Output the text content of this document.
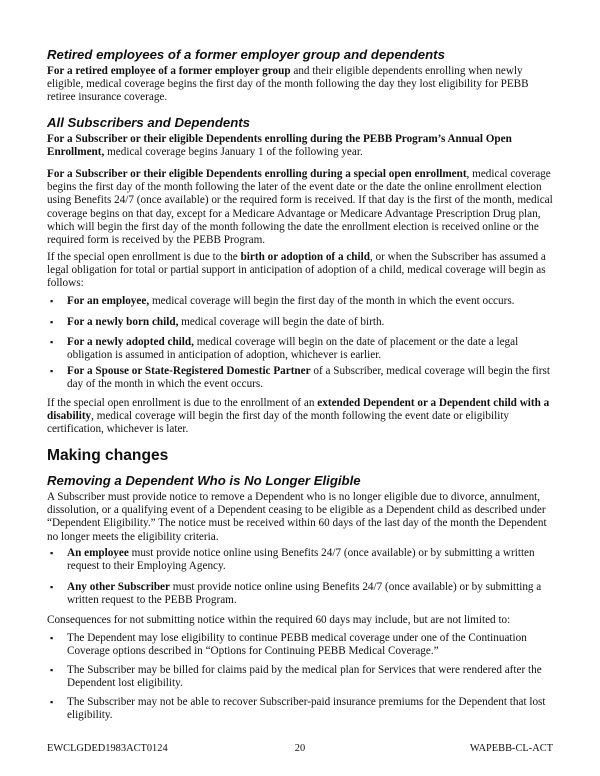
Retired employees of a former employer group and dependents

For a retired employee of a former employer group and their eligible dependents enrolling when newly eligible, medical coverage begins the first day of the month following the day they lost eligibility for PEBB retiree insurance coverage.

All Subscribers and Dependents

For a Subscriber or their eligible Dependents enrolling during the PEBB Program’s Annual Open Enrollment, medical coverage begins January 1 of the following year.

For a Subscriber or their eligible Dependents enrolling during a special open enrollment, medical coverage begins the first day of the month following the later of the event date or the date the online enrollment election using Benefits 24/7 (once available) or the required form is received. If that day is the first of the month, medical coverage begins on that day, except for a Medicare Advantage or Medicare Advantage Prescription Drug plan, which will begin the first day of the month following the date the enrollment election is received online or the required form is received by the PEBB Program.

If the special open enrollment is due to the birth or adoption of a child, or when the Subscriber has assumed a legal obligation for total or partial support in anticipation of adoption of a child, medical coverage will begin as follows:

▪ For an employee, medical coverage will begin the first day of the month in which the event occurs.
▪ For a newly born child, medical coverage will begin the date of birth.
▪ For a newly adopted child, medical coverage will begin on the date of placement or the date a legal obligation is assumed in anticipation of adoption, whichever is earlier.
▪ For a Spouse or State-Registered Domestic Partner of a Subscriber, medical coverage will begin the first day of the month in which the event occurs.

If the special open enrollment is due to the enrollment of an extended Dependent or a Dependent child with a disability, medical coverage will begin the first day of the month following the event date or eligibility certification, whichever is later.

Making changes
Removing a Dependent Who is No Longer Eligible

A Subscriber must provide notice to remove a Dependent who is no longer eligible due to divorce, annulment, dissolution, or a qualifying event of a Dependent ceasing to be eligible as a Dependent child as described under “Dependent Eligibility.” The notice must be received within 60 days of the last day of the month the Dependent no longer meets the eligibility criteria.

▪ An employee must provide notice online using Benefits 24/7 (once available) or by submitting a written request to their Employing Agency.
▪ Any other Subscriber must provide notice online using Benefits 24/7 (once available) or by submitting a written request to the PEBB Program.

Consequences for not submitting notice within the required 60 days may include, but are not limited to:

▪ The Dependent may lose eligibility to continue PEBB medical coverage under one of the Continuation Coverage options described in “Options for Continuing PEBB Medical Coverage.”
▪ The Subscriber may be billed for claims paid by the medical plan for Services that were rendered after the Dependent lost eligibility.
▪ The Subscriber may not be able to recover Subscriber-paid insurance premiums for the Dependent that lost eligibility.
EWCLGDED1983ACT0124	20	WAPEBB-CL-ACT
